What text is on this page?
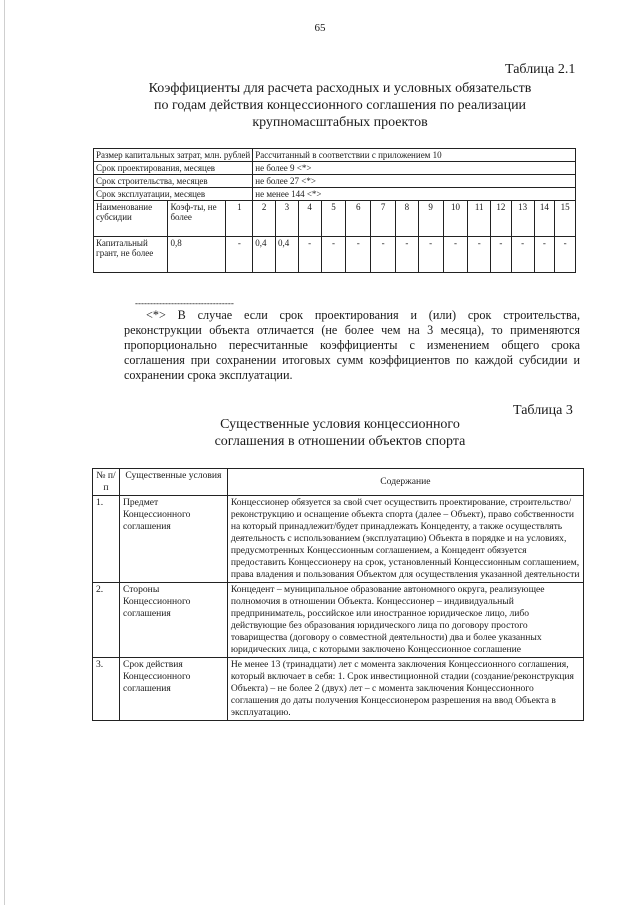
65
Таблица 2.1
Коэффициенты для расчета расходных и условных обязательств
по годам действия концессионного соглашения по реализации
крупномасштабных проектов
Размер капитальных затрат, млн. рублей			Рассчитанный в соответствии с приложением 10													
Срок проектирования, месяцев			не более 9 <*>													
Срок строительства, месяцев			не более 27 <*>													
Срок эксплуатации, месяцев			не менее 144 <*>													
Наименование субсидии	Коэф-ты, не более	1	2	3	4	5	6	7	8	9	10	11	12	13	14	15
Капитальный грант, не более	0,8	-	0,4	0,4	-	-	-	-	-	-	-	-	-	-	-	-
---------------------------------
<*> В случае если срок проектирования и (или) срок строительства, реконструкции объекта отличается (не более чем на 3 месяца), то применяются пропорционально пересчитанные коэффициенты с изменением общего срока соглашения при сохранении итоговых сумм коэффициентов по каждой субсидии и сохранении срока эксплуатации.
Таблица 3
Существенные условия концессионного
соглашения в отношении объектов спорта
№ п/п	Существенные условия	Содержание
1.	Предмет Концессионного соглашения	Концессионер обязуется за свой счет осуществить проектирование, строительство/реконструкцию и оснащение объекта спорта (далее – Объект), право собственности на который принадлежит/будет принадлежать Концеденту, а также осуществлять деятельность с использованием (эксплуатацию) Объекта в порядке и на условиях, предусмотренных Концессионным соглашением, а Концедент обязуется предоставить Концессионеру на срок, установленный Концессионным соглашением, права владения и пользования Объектом для осуществления указанной деятельности
2.	Стороны Концессионного соглашения	Концедент – муниципальное образование автономного округа, реализующее полномочия в отношении Объекта. Концессионер – индивидуальный предприниматель, российское или иностранное юридическое лицо, либо действующие без образования юридического лица по договору простого товарищества (договору о совместной деятельности) два и более указанных юридических лица, с которыми заключено Концессионное соглашение
3.	Срок действия Концессионного соглашения	Не менее 13 (тринадцати) лет с момента заключения Концессионного соглашения, который включает в себя: 1. Срок инвестиционной стадии (создание/реконструкция Объекта) – не более 2 (двух) лет – с момента заключения Концессионного соглашения до даты получения Концессионером разрешения на ввод Объекта в эксплуатацию.
